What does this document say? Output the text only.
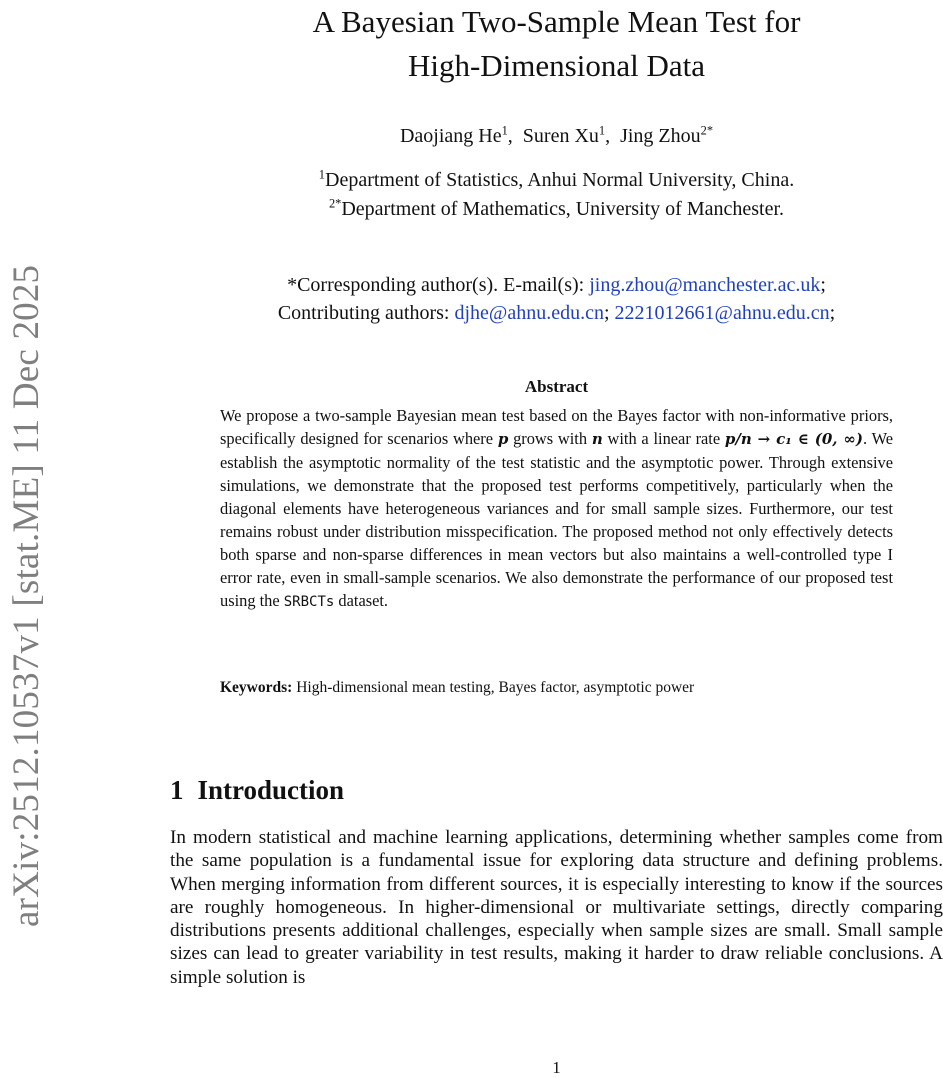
arXiv:2512.10537v1 [stat.ME] 11 Dec 2025
A Bayesian Two-Sample Mean Test for
High-Dimensional Data
Daojiang He$^1$,  Suren Xu$^1$,  Jing Zhou$^{2*}$
$^1$Department of Statistics, Anhui Normal University, China.
$^{2*}$Department of Mathematics, University of Manchester.
*Corresponding author(s). E-mail(s): jing.zhou@manchester.ac.uk;
Contributing authors: djhe@ahnu.edu.cn; 2221012661@ahnu.edu.cn;
Abstract
We propose a two-sample Bayesian mean test based on the Bayes factor with non-informative priors, specifically designed for scenarios where p grows with n with a linear rate p/n → c₁ ∈ (0, ∞). We establish the asymptotic normality of the test statistic and the asymptotic power. Through extensive simulations, we demonstrate that the proposed test performs competitively, particularly when the diagonal elements have heterogeneous variances and for small sample sizes. Furthermore, our test remains robust under distribution misspecification. The proposed method not only effectively detects both sparse and non-sparse differences in mean vectors but also maintains a well-controlled type I error rate, even in small-sample scenarios. We also demonstrate the performance of our proposed test using the SRBCTs dataset.
Keywords: High-dimensional mean testing, Bayes factor, asymptotic power
1 Introduction
In modern statistical and machine learning applications, determining whether samples come from the same population is a fundamental issue for exploring data structure and defining problems. When merging information from different sources, it is especially interesting to know if the sources are roughly homogeneous. In higher-dimensional or multivariate settings, directly comparing distributions presents additional challenges, especially when sample sizes are small. Small sample sizes can lead to greater variability in test results, making it harder to draw reliable conclusions. A simple solution is
1
